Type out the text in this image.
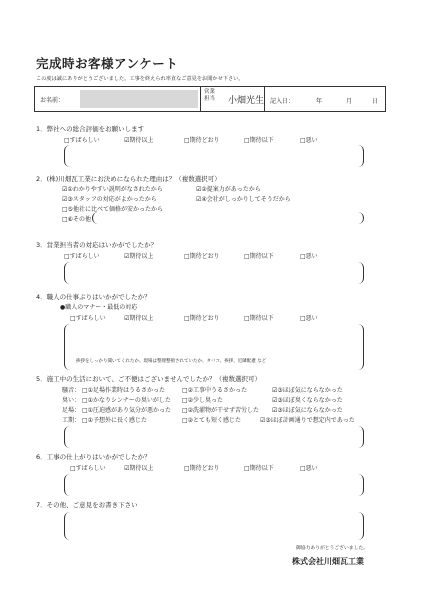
完成時お客様アンケート
この度は誠にありがとうございました。工事を終えられ率直なご意見をお聞かせ下さい。
お名前：
営業
担当 小畑光生 記入日：	年	月	日
1．弊社への総合評価をお願いします
□すばらしい	☑期待以上	□期待どおり	□期待以下	□悪い
2．(株)川畑瓦工業にお決めになられた理由は？（複数選択可）
☑①わかりやすい説明がなされたから	☑②提案力があったから
☑③スタッフの対応がよかったから	☑④会社がしっかりしてそうだから
□⑤他社に比べて価格が安かったから
□⑥その他
3．営業担当者の対応はいかがでしたか？
□すばらしい	☑期待以上	□期待どおり	□期待以下	□悪い
4．職人の仕事ぶりはいかがでしたか？
●職人のマナー・最低の対応
□すばらしい	☑期待以上	□期待どおり	□期待以下	□悪い
挨拶をしっかり聞いてくれたか、現場は整理整頓されていたか、タバコ、挨拶、近隣配慮 など
5．施工中の生活において、ご不便はございませんでしたか？（複数選択可）
騒音： □①足場作業時はうるさかった	□②工事中うるさかった	☑③ほぼ気にならなかった
臭い： □①かなりシンナーの臭いがした □②少し臭った	☑③ほぼ臭くならなかった
足場： □①圧迫感があり気分が悪かった □②洗濯物が干せず苦労した ☑③ほぼ気にならなかった
工期： □①予想外に長く感じた	□②とても短く感じた	☑③ほぼ計画通りで想定内であった
6．工事の仕上がりはいかがでしたか？
□すばらしい	☑期待以上	□期待どおり	□期待以下	□悪い
7．その他、ご意見をお書き下さい
御協力ありがとうございました。
株式会社川畑瓦工業
